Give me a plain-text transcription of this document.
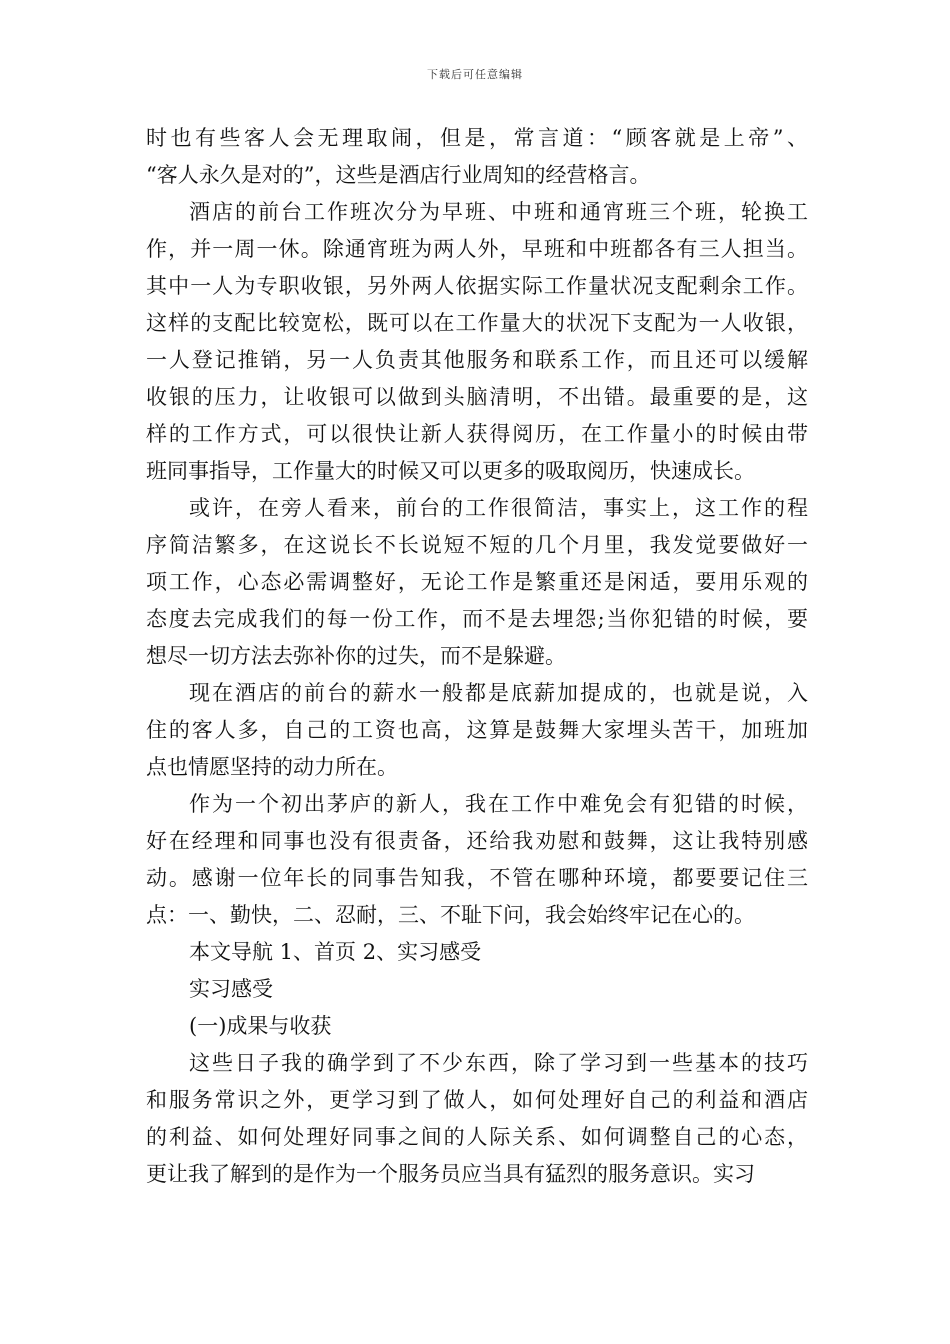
下载后可任意编辑
时也有些客人会无理取闹，但是，常言道：“顾客就是上帝”、
“客人永久是对的”，这些是酒店行业周知的经营格言。
酒店的前台工作班次分为早班、中班和通宵班三个班，轮换工
作，并一周一休。除通宵班为两人外，早班和中班都各有三人担当。
其中一人为专职收银，另外两人依据实际工作量状况支配剩余工作。
这样的支配比较宽松，既可以在工作量大的状况下支配为一人收银，
一人登记推销，另一人负责其他服务和联系工作，而且还可以缓解
收银的压力，让收银可以做到头脑清明，不出错。最重要的是，这
样的工作方式，可以很快让新人获得阅历，在工作量小的时候由带
班同事指导，工作量大的时候又可以更多的吸取阅历，快速成长。
或许，在旁人看来，前台的工作很简洁，事实上，这工作的程
序简洁繁多，在这说长不长说短不短的几个月里，我发觉要做好一
项工作，心态必需调整好，无论工作是繁重还是闲适，要用乐观的
态度去完成我们的每一份工作，而不是去埋怨;当你犯错的时候，要
想尽一切方法去弥补你的过失，而不是躲避。
现在酒店的前台的薪水一般都是底薪加提成的，也就是说，入
住的客人多，自己的工资也高，这算是鼓舞大家埋头苦干，加班加
点也情愿坚持的动力所在。
作为一个初出茅庐的新人，我在工作中难免会有犯错的时候，
好在经理和同事也没有很责备，还给我劝慰和鼓舞，这让我特别感
动。感谢一位年长的同事告知我，不管在哪种环境，都要要记住三
点：一、勤快，二、忍耐，三、不耻下问，我会始终牢记在心的。
本文导航 1、首页 2、实习感受
实习感受
(一)成果与收获
这些日子我的确学到了不少东西，除了学习到一些基本的技巧
和服务常识之外，更学习到了做人，如何处理好自己的利益和酒店
的利益、如何处理好同事之间的人际关系、如何调整自己的心态，
更让我了解到的是作为一个服务员应当具有猛烈的服务意识。实习
